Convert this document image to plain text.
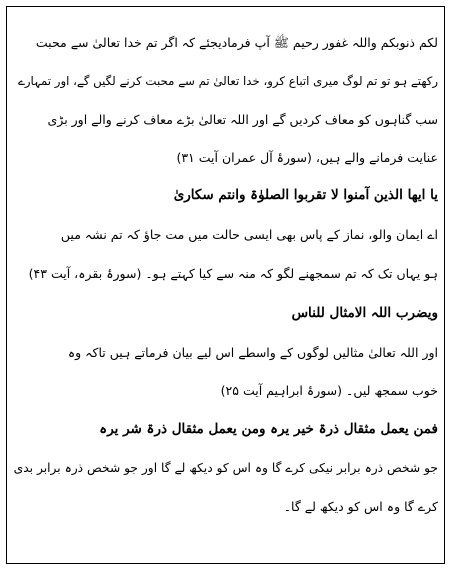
لکم ذنوبکم واللہ غفور رحیم ﷺ آپ فرمادیجئے کہ اگر تم خدا تعالیٰ سے محبت
رکھتے ہو تو تم لوگ میری اتباع کرو، خدا تعالیٰ تم سے محبت کرنے لگیں گے، اور تمہارے
سب گناہوں کو معاف کردیں گے اور اللہ تعالیٰ بڑے معاف کرنے والے اور بڑی
عنایت فرمانے والے ہیں، (سورۂ آل عمران آیت ۳۱)
یا ایھا الذین آمنوا لا تقربوا الصلوٰۃ وانتم سکاریٰ
اے ایمان والو، نماز کے پاس بھی ایسی حالت میں مت جاؤ کہ تم نشہ میں
ہو یہاں تک کہ تم سمجھنے لگو کہ منہ سے کیا کہتے ہو۔ (سورۂ بقرہ، آیت ۴۳)
ویضرب اللہ الامثال للناس
اور اللہ تعالیٰ مثالیں لوگوں کے واسطے اس لیے بیان فرماتے ہیں تاکہ وہ
خوب سمجھ لیں۔ (سورۂ ابراہیم آیت ۲۵)
فمن یعمل مثقال ذرۃ خیر یرہ ومن یعمل مثقال ذرۃ شر یرہ
جو شخص ذرہ برابر نیکی کرے گا وہ اس کو دیکھ لے گا اور جو شخص ذرہ برابر بدی
کرے گا وہ اس کو دیکھ لے گا۔
